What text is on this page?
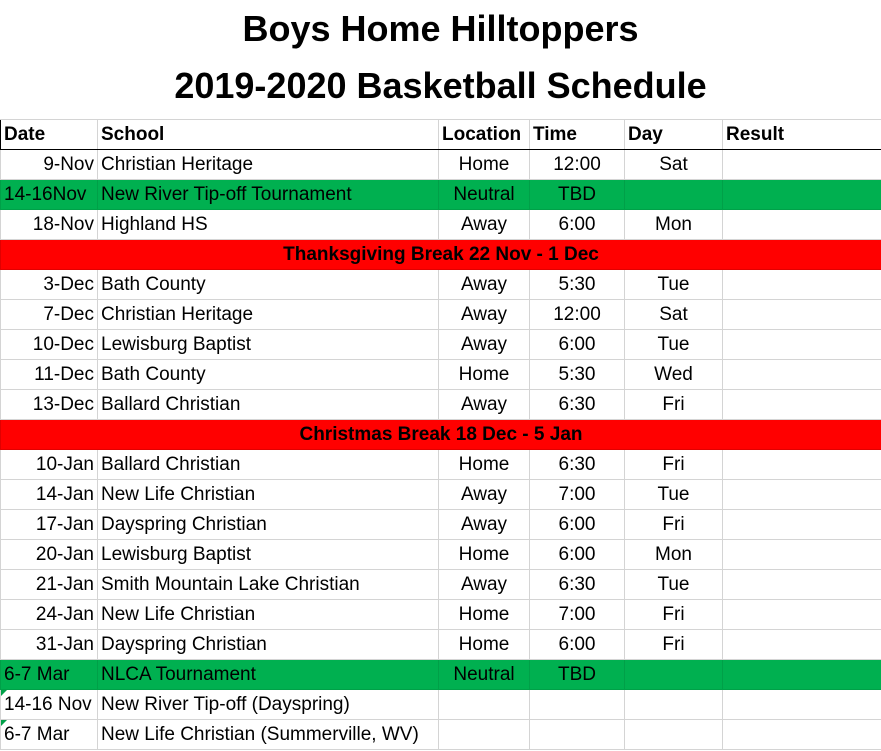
Boys Home Hilltoppers
2019-2020 Basketball Schedule
Date	School	Location	Time	Day	Result
9-Nov	Christian Heritage	Home	12:00	Sat	
14-16Nov	New River Tip-off Tournament	Neutral	TBD		
18-Nov	Highland HS	Away	6:00	Mon	
Thanksgiving Break 22 Nov - 1 Dec					
3-Dec	Bath County	Away	5:30	Tue	
7-Dec	Christian Heritage	Away	12:00	Sat	
10-Dec	Lewisburg Baptist	Away	6:00	Tue	
11-Dec	Bath County	Home	5:30	Wed	
13-Dec	Ballard Christian	Away	6:30	Fri	
Christmas Break 18 Dec - 5 Jan					
10-Jan	Ballard Christian	Home	6:30	Fri	
14-Jan	New Life Christian	Away	7:00	Tue	
17-Jan	Dayspring Christian	Away	6:00	Fri	
20-Jan	Lewisburg Baptist	Home	6:00	Mon	
21-Jan	Smith Mountain Lake Christian	Away	6:30	Tue	
24-Jan	New Life Christian	Home	7:00	Fri	
31-Jan	Dayspring Christian	Home	6:00	Fri	
6-7 Mar	NLCA Tournament	Neutral	TBD		

14-16 Nov	New River Tip-off (Dayspring)				

6-7 Mar	New Life Christian (Summerville, WV)				
